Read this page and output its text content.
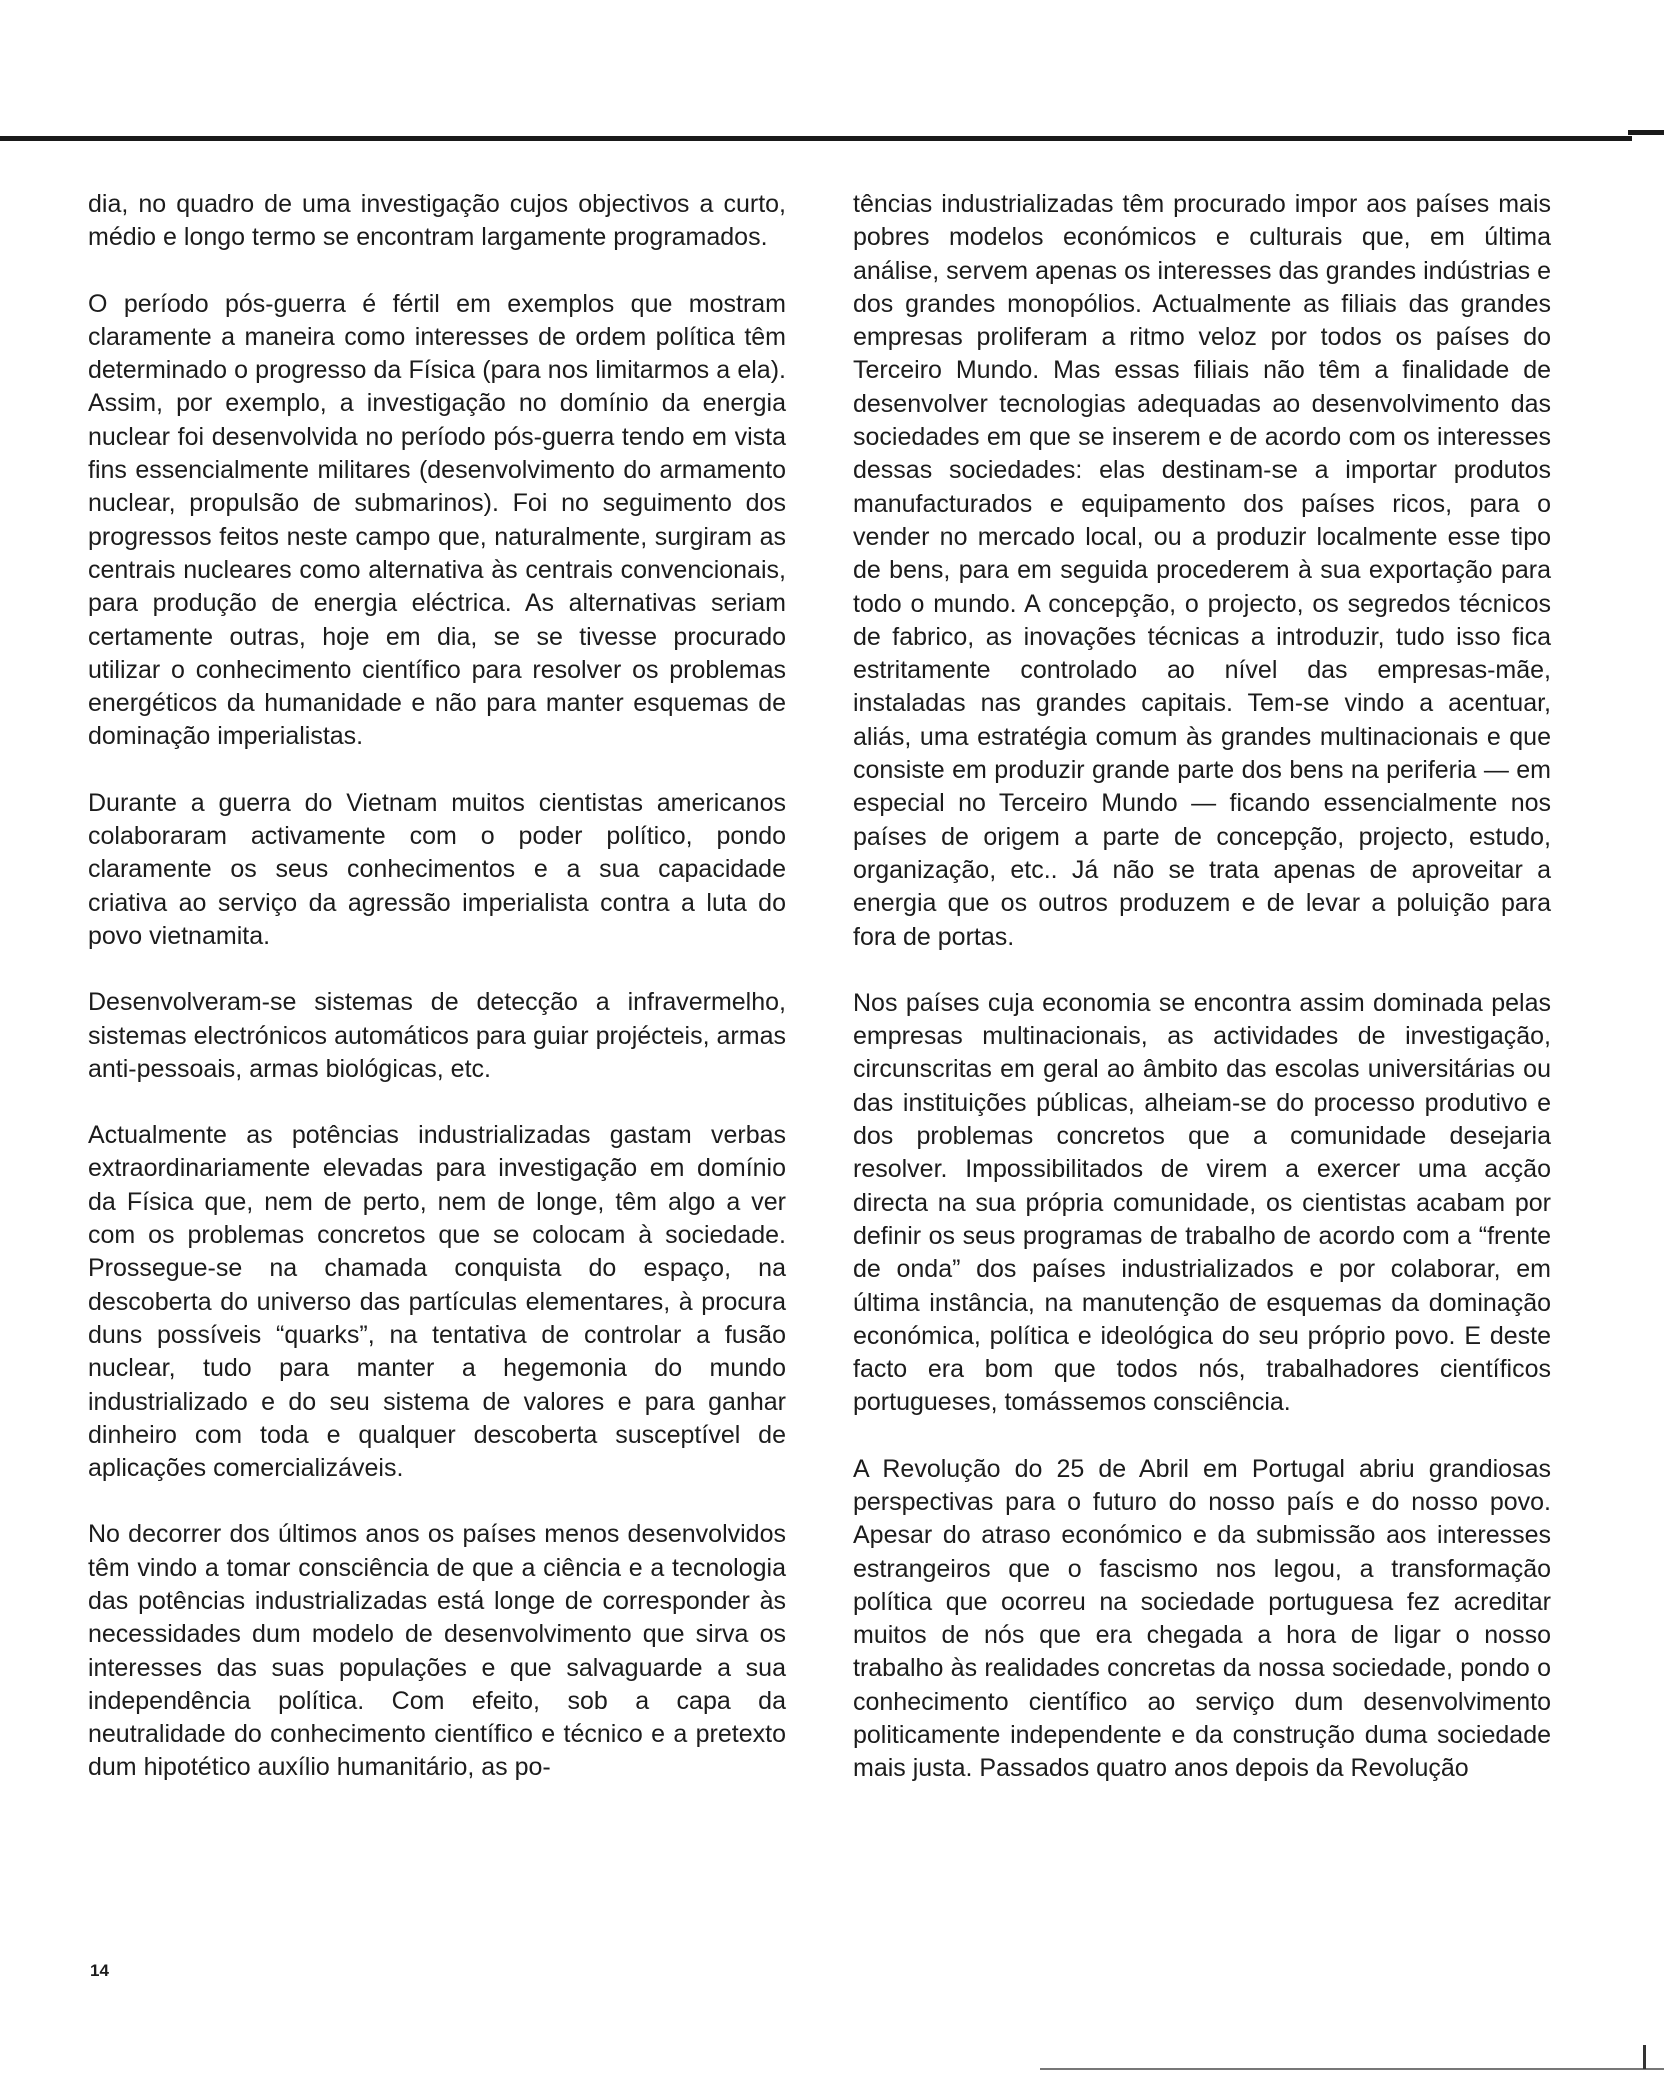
dia, no quadro de uma investigação cujos objectivos a curto, médio e longo termo se encontram largamente programados.

O período pós-guerra é fértil em exemplos que mostram claramente a maneira como interesses de ordem política têm determinado o progresso da Física (para nos limitarmos a ela). Assim, por exemplo, a investigação no domínio da energia nuclear foi desenvolvida no período pós-guerra tendo em vista fins essencialmente militares (desenvolvimento do armamento nuclear, propulsão de submarinos). Foi no seguimento dos progressos feitos neste campo que, naturalmente, surgiram as centrais nucleares como alternativa às centrais convencionais, para produção de energia eléctrica. As alternativas seriam certamente outras, hoje em dia, se se tivesse procurado utilizar o conhecimento científico para resolver os problemas energéticos da humanidade e não para manter esquemas de dominação imperialistas.

Durante a guerra do Vietnam muitos cientistas americanos colaboraram activamente com o poder político, pondo claramente os seus conhecimentos e a sua capacidade criativa ao serviço da agressão imperialista contra a luta do povo vietnamita.

Desenvolveram-se sistemas de detecção a infravermelho, sistemas electrónicos automáticos para guiar projécteis, armas anti-pessoais, armas biológicas, etc.

Actualmente as potências industrializadas gastam verbas extraordinariamente elevadas para investigação em domínio da Física que, nem de perto, nem de longe, têm algo a ver com os problemas concretos que se colocam à sociedade. Prossegue-se na chamada conquista do espaço, na descoberta do universo das partículas elementares, à procura duns possíveis “quarks”, na tentativa de controlar a fusão nuclear, tudo para manter a hegemonia do mundo industrializado e do seu sistema de valores e para ganhar dinheiro com toda e qualquer descoberta susceptível de aplicações comercializáveis.

No decorrer dos últimos anos os países menos desenvolvidos têm vindo a tomar consciência de que a ciência e a tecnologia das potências industrializadas está longe de corresponder às necessidades dum modelo de desenvolvimento que sirva os interesses das suas populações e que salvaguarde a sua independência política. Com efeito, sob a capa da neutralidade do conhecimento científico e técnico e a pretexto dum hipotético auxílio humanitário, as po-

tências industrializadas têm procurado impor aos países mais pobres modelos económicos e culturais que, em última análise, servem apenas os interesses das grandes indústrias e dos grandes monopólios. Actualmente as filiais das grandes empresas proliferam a ritmo veloz por todos os países do Terceiro Mundo. Mas essas filiais não têm a finalidade de desenvolver tecnologias adequadas ao desenvolvimento das sociedades em que se inserem e de acordo com os interesses dessas sociedades: elas destinam-se a importar produtos manufacturados e equipamento dos países ricos, para o vender no mercado local, ou a produzir localmente esse tipo de bens, para em seguida procederem à sua exportação para todo o mundo. A concepção, o projecto, os segredos técnicos de fabrico, as inovações técnicas a introduzir, tudo isso fica estritamente controlado ao nível das empresas-mãe, instaladas nas grandes capitais. Tem-se vindo a acentuar, aliás, uma estratégia comum às grandes multinacionais e que consiste em produzir grande parte dos bens na periferia — em especial no Terceiro Mundo — ficando essencialmente nos países de origem a parte de concepção, projecto, estudo, organização, etc.. Já não se trata apenas de aproveitar a energia que os outros produzem e de levar a poluição para fora de portas.

Nos países cuja economia se encontra assim dominada pelas empresas multinacionais, as actividades de investigação, circunscritas em geral ao âmbito das escolas universitárias ou das instituições públicas, alheiam-se do processo produtivo e dos problemas concretos que a comunidade desejaria resolver. Impossibilitados de virem a exercer uma acção directa na sua própria comunidade, os cientistas acabam por definir os seus programas de trabalho de acordo com a “frente de onda” dos países industrializados e por colaborar, em última instância, na manutenção de esquemas da dominação económica, política e ideológica do seu próprio povo. E deste facto era bom que todos nós, trabalhadores científicos portugueses, tomássemos consciência.

A Revolução do 25 de Abril em Portugal abriu grandiosas perspectivas para o futuro do nosso país e do nosso povo. Apesar do atraso económico e da submissão aos interesses estrangeiros que o fascismo nos legou, a transformação política que ocorreu na sociedade portuguesa fez acreditar muitos de nós que era chegada a hora de ligar o nosso trabalho às realidades concretas da nossa sociedade, pondo o conhecimento científico ao serviço dum desenvolvimento politicamente independente e da construção duma sociedade mais justa. Passados quatro anos depois da Revolução

14
